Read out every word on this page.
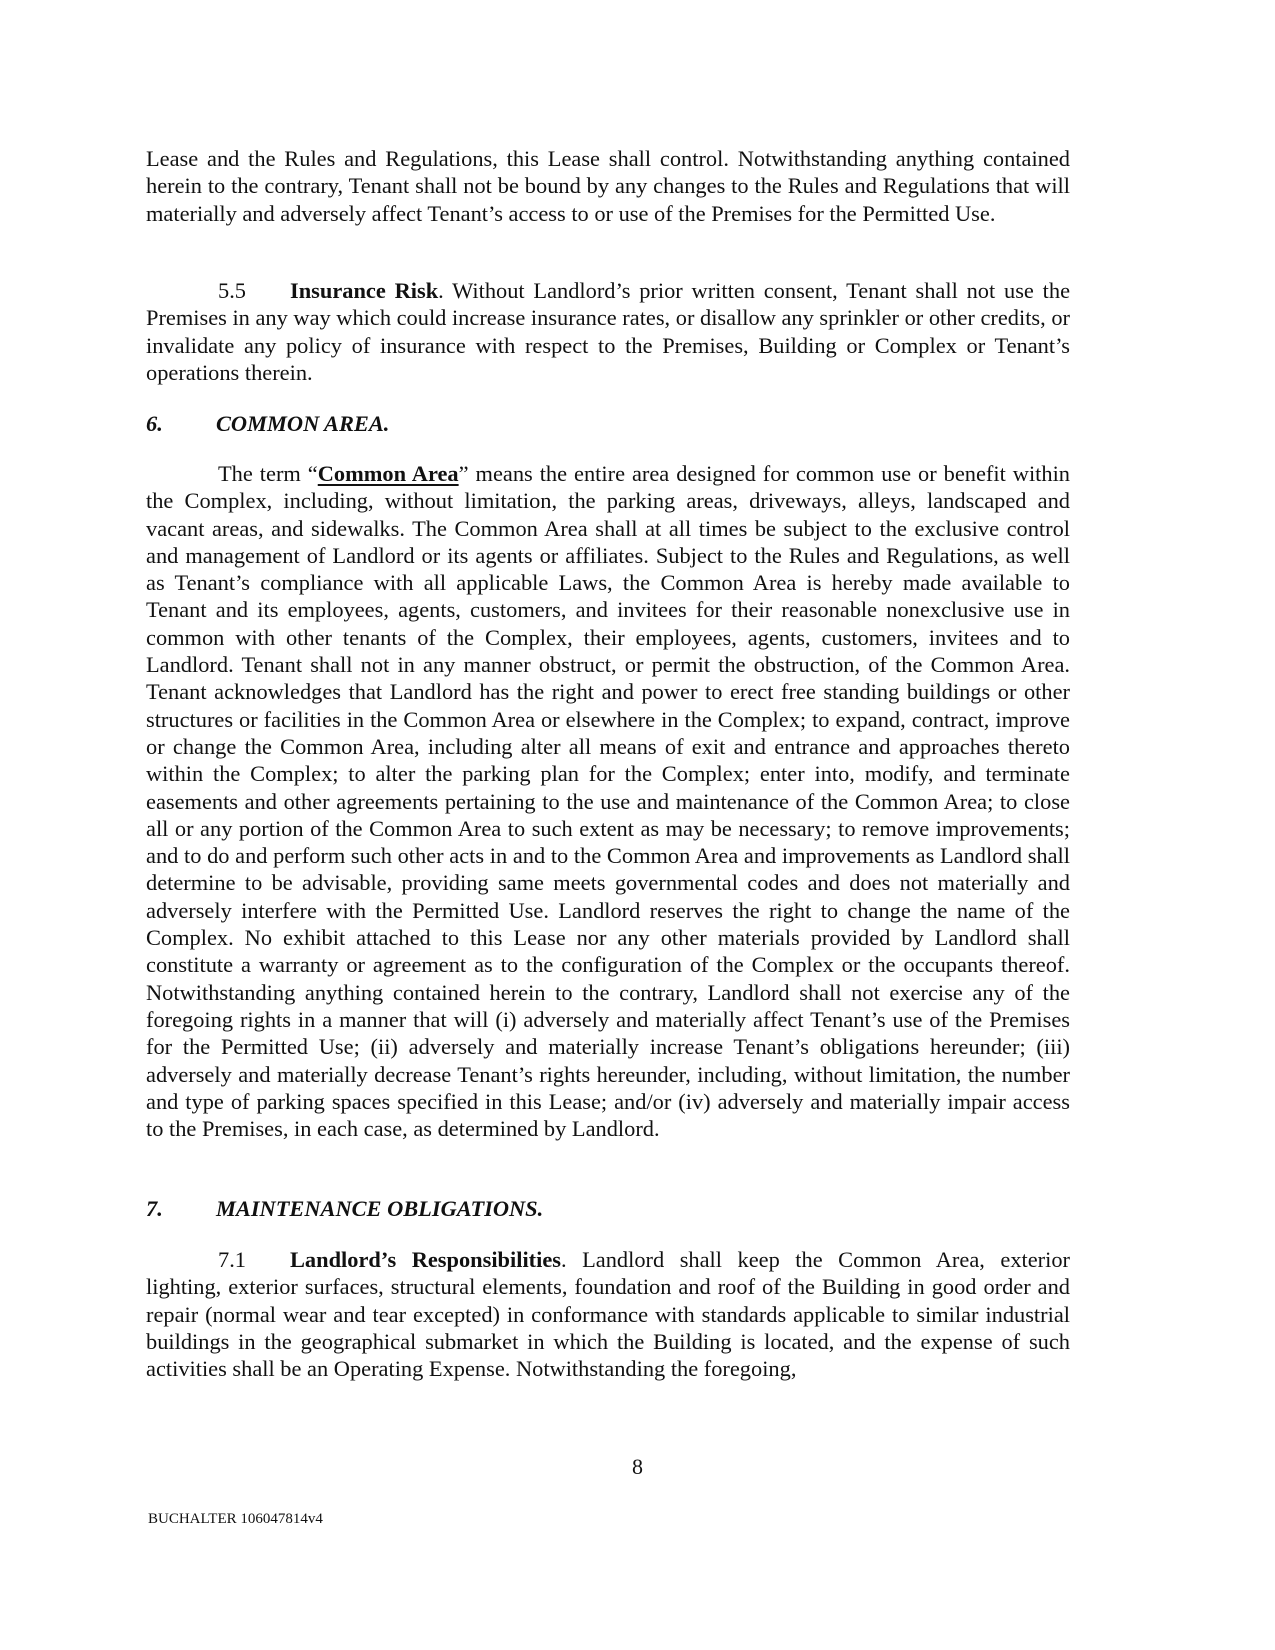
Lease and the Rules and Regulations, this Lease shall control. Notwithstanding anything contained herein to the contrary, Tenant shall not be bound by any changes to the Rules and Regulations that will materially and adversely affect Tenant’s access to or use of the Premises for the Permitted Use.

5.5 Insurance Risk. Without Landlord’s prior written consent, Tenant shall not use the Premises in any way which could increase insurance rates, or disallow any sprinkler or other credits, or invalidate any policy of insurance with respect to the Premises, Building or Complex or Tenant’s operations therein.

6. COMMON AREA.

The term “Common Area” means the entire area designed for common use or benefit within the Complex, including, without limitation, the parking areas, driveways, alleys, landscaped and vacant areas, and sidewalks. The Common Area shall at all times be subject to the exclusive control and management of Landlord or its agents or affiliates. Subject to the Rules and Regulations, as well as Tenant’s compliance with all applicable Laws, the Common Area is hereby made available to Tenant and its employees, agents, customers, and invitees for their reasonable nonexclusive use in common with other tenants of the Complex, their employees, agents, customers, invitees and to Landlord. Tenant shall not in any manner obstruct, or permit the obstruction, of the Common Area. Tenant acknowledges that Landlord has the right and power to erect free standing buildings or other structures or facilities in the Common Area or elsewhere in the Complex; to expand, contract, improve or change the Common Area, including alter all means of exit and entrance and approaches thereto within the Complex; to alter the parking plan for the Complex; enter into, modify, and terminate easements and other agreements pertaining to the use and maintenance of the Common Area; to close all or any portion of the Common Area to such extent as may be necessary; to remove improvements; and to do and perform such other acts in and to the Common Area and improvements as Landlord shall determine to be advisable, providing same meets governmental codes and does not materially and adversely interfere with the Permitted Use. Landlord reserves the right to change the name of the Complex. No exhibit attached to this Lease nor any other materials provided by Landlord shall constitute a warranty or agreement as to the configuration of the Complex or the occupants thereof. Notwithstanding anything contained herein to the contrary, Landlord shall not exercise any of the foregoing rights in a manner that will (i) adversely and materially affect Tenant’s use of the Premises for the Permitted Use; (ii) adversely and materially increase Tenant’s obligations hereunder; (iii) adversely and materially decrease Tenant’s rights hereunder, including, without limitation, the number and type of parking spaces specified in this Lease; and/or (iv) adversely and materially impair access to the Premises, in each case, as determined by Landlord.

7. MAINTENANCE OBLIGATIONS.

7.1 Landlord’s Responsibilities. Landlord shall keep the Common Area, exterior lighting, exterior surfaces, structural elements, foundation and roof of the Building in good order and repair (normal wear and tear excepted) in conformance with standards applicable to similar industrial buildings in the geographical submarket in which the Building is located, and the expense of such activities shall be an Operating Expense. Notwithstanding the foregoing,

8
BUCHALTER 106047814v4
